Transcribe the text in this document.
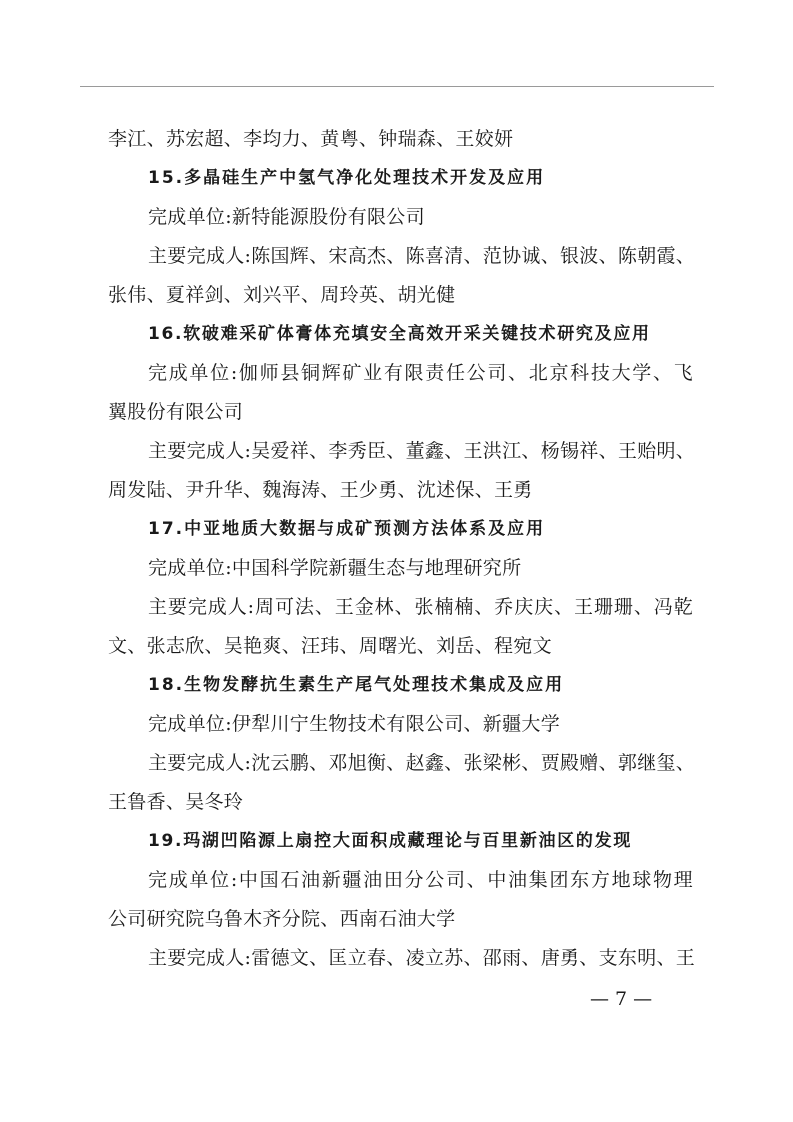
李江、苏宏超、李均力、黄粤、钟瑞森、王姣妍
15.多晶硅生产中氢气净化处理技术开发及应用
完成单位:新特能源股份有限公司
主要完成人:陈国辉、宋高杰、陈喜清、范协诚、银波、陈朝霞、
张伟、夏祥剑、刘兴平、周玲英、胡光健
16.软破难采矿体膏体充填安全高效开采关键技术研究及应用
完成单位:伽师县铜辉矿业有限责任公司、北京科技大学、飞
翼股份有限公司
主要完成人:吴爱祥、李秀臣、董鑫、王洪江、杨锡祥、王贻明、
周发陆、尹升华、魏海涛、王少勇、沈述保、王勇
17.中亚地质大数据与成矿预测方法体系及应用
完成单位:中国科学院新疆生态与地理研究所
主要完成人:周可法、王金林、张楠楠、乔庆庆、王珊珊、冯乾
文、张志欣、吴艳爽、汪玮、周曙光、刘岳、程宛文
18.生物发酵抗生素生产尾气处理技术集成及应用
完成单位:伊犁川宁生物技术有限公司、新疆大学
主要完成人:沈云鹏、邓旭衡、赵鑫、张梁彬、贾殿赠、郭继玺、
王鲁香、吴冬玲
19.玛湖凹陷源上扇控大面积成藏理论与百里新油区的发现
完成单位:中国石油新疆油田分公司、中油集团东方地球物理
公司研究院乌鲁木齐分院、西南石油大学
主要完成人:雷德文、匡立春、凌立苏、邵雨、唐勇、支东明、王
— 7 —
